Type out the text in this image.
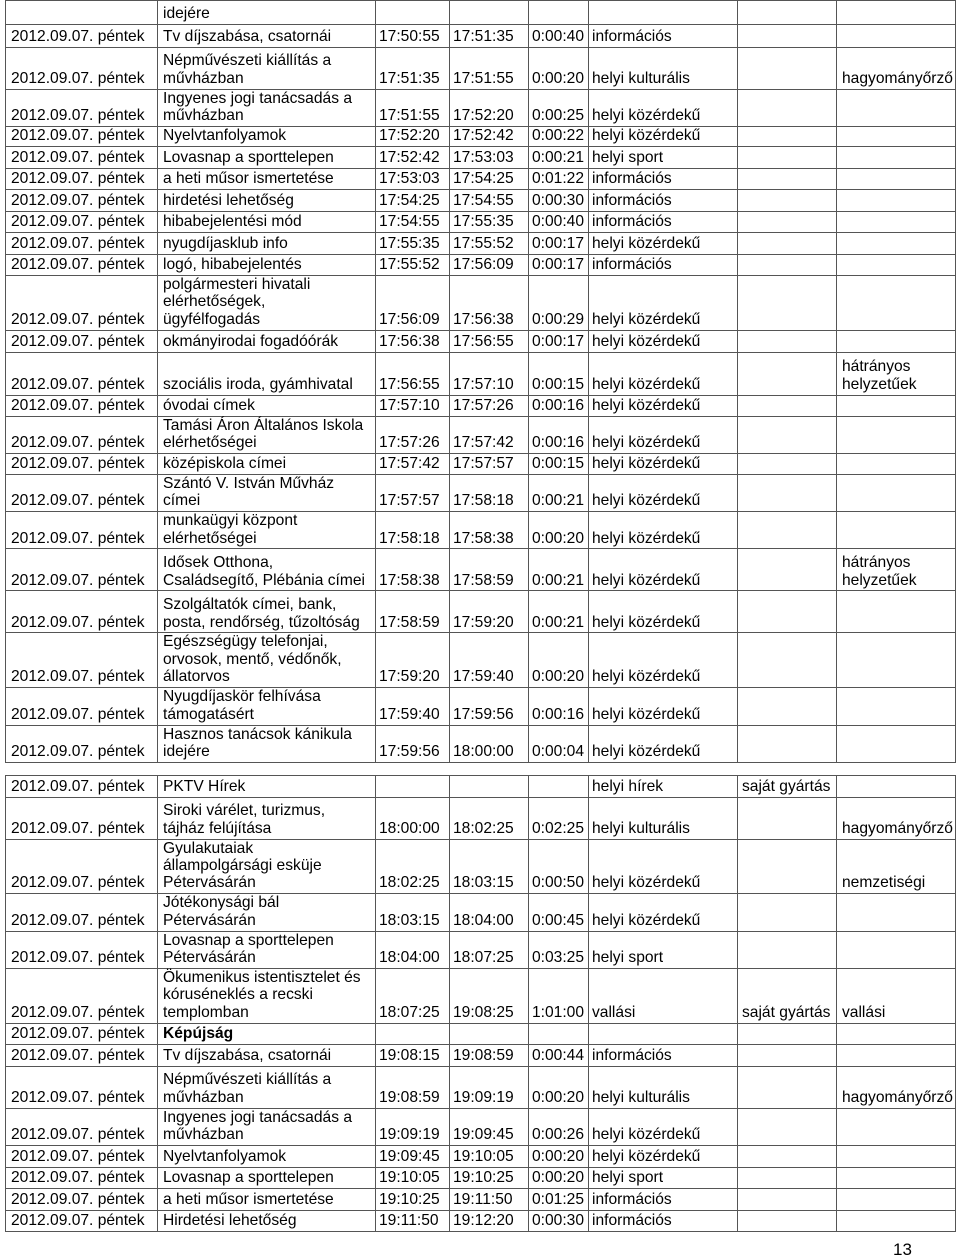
	idejére						
2012.09.07. péntek	Tv díjszabása, csatornái	17:50:55	17:51:35	0:00:40	információs		
2012.09.07. péntek	Népművészeti kiállítás a
művházban	17:51:35	17:51:55	0:00:20	helyi kulturális		hagyományőrző
2012.09.07. péntek	Ingyenes jogi tanácsadás a
művházban	17:51:55	17:52:20	0:00:25	helyi közérdekű		
2012.09.07. péntek	Nyelvtanfolyamok	17:52:20	17:52:42	0:00:22	helyi közérdekű		
2012.09.07. péntek	Lovasnap a sporttelepen	17:52:42	17:53:03	0:00:21	helyi sport		
2012.09.07. péntek	a heti műsor ismertetése	17:53:03	17:54:25	0:01:22	információs		
2012.09.07. péntek	hirdetési lehetőség	17:54:25	17:54:55	0:00:30	információs		
2012.09.07. péntek	hibabejelentési mód	17:54:55	17:55:35	0:00:40	információs		
2012.09.07. péntek	nyugdíjasklub info	17:55:35	17:55:52	0:00:17	helyi közérdekű		
2012.09.07. péntek	logó, hibabejelentés	17:55:52	17:56:09	0:00:17	információs		
2012.09.07. péntek	polgármesteri hivatali
elérhetőségek,
ügyfélfogadás	17:56:09	17:56:38	0:00:29	helyi közérdekű		
2012.09.07. péntek	okmányirodai fogadóórák	17:56:38	17:56:55	0:00:17	helyi közérdekű		
2012.09.07. péntek	szociális iroda, gyámhivatal	17:56:55	17:57:10	0:00:15	helyi közérdekű		hátrányos
helyzetűek
2012.09.07. péntek	óvodai címek	17:57:10	17:57:26	0:00:16	helyi közérdekű		
2012.09.07. péntek	Tamási Áron Általános Iskola
elérhetőségei	17:57:26	17:57:42	0:00:16	helyi közérdekű		
2012.09.07. péntek	középiskola címei	17:57:42	17:57:57	0:00:15	helyi közérdekű		
2012.09.07. péntek	Szántó V. István Művház
címei	17:57:57	17:58:18	0:00:21	helyi közérdekű		
2012.09.07. péntek	munkaügyi központ
elérhetőségei	17:58:18	17:58:38	0:00:20	helyi közérdekű		
2012.09.07. péntek	Idősek Otthona,
Családsegítő, Plébánia címei	17:58:38	17:58:59	0:00:21	helyi közérdekű		hátrányos
helyzetűek
2012.09.07. péntek	Szolgáltatók címei, bank,
posta, rendőrség, tűzoltóság	17:58:59	17:59:20	0:00:21	helyi közérdekű		
2012.09.07. péntek	Egészségügy telefonjai,
orvosok, mentő, védőnők,
állatorvos	17:59:20	17:59:40	0:00:20	helyi közérdekű		
2012.09.07. péntek	Nyugdíjaskör felhívása
támogatásért	17:59:40	17:59:56	0:00:16	helyi közérdekű		
2012.09.07. péntek	Hasznos tanácsok kánikula
idejére	17:59:56	18:00:00	0:00:04	helyi közérdekű		
2012.09.07. péntek	PKTV Hírek				helyi hírek	saját gyártás	
2012.09.07. péntek	Siroki várélet, turizmus,
tájház felújítása	18:00:00	18:02:25	0:02:25	helyi kulturális		hagyományőrző
2012.09.07. péntek	Gyulakutaiak
állampolgársági esküje
Pétervásárán	18:02:25	18:03:15	0:00:50	helyi közérdekű		nemzetiségi
2012.09.07. péntek	Jótékonysági bál
Pétervásárán	18:03:15	18:04:00	0:00:45	helyi közérdekű		
2012.09.07. péntek	Lovasnap a sporttelepen
Pétervásárán	18:04:00	18:07:25	0:03:25	helyi sport		
2012.09.07. péntek	Ökumenikus istentisztelet és
kóruséneklés a recski
templomban	18:07:25	19:08:25	1:01:00	vallási	saját gyártás	vallási
2012.09.07. péntek	Képújság						
2012.09.07. péntek	Tv díjszabása, csatornái	19:08:15	19:08:59	0:00:44	információs		
2012.09.07. péntek	Népművészeti kiállítás a
művházban	19:08:59	19:09:19	0:00:20	helyi kulturális		hagyományőrző
2012.09.07. péntek	Ingyenes jogi tanácsadás a
művházban	19:09:19	19:09:45	0:00:26	helyi közérdekű		
2012.09.07. péntek	Nyelvtanfolyamok	19:09:45	19:10:05	0:00:20	helyi közérdekű		
2012.09.07. péntek	Lovasnap a sporttelepen	19:10:05	19:10:25	0:00:20	helyi sport		
2012.09.07. péntek	a heti műsor ismertetése	19:10:25	19:11:50	0:01:25	információs		
2012.09.07. péntek	Hirdetési lehetőség	19:11:50	19:12:20	0:00:30	információs		
13
